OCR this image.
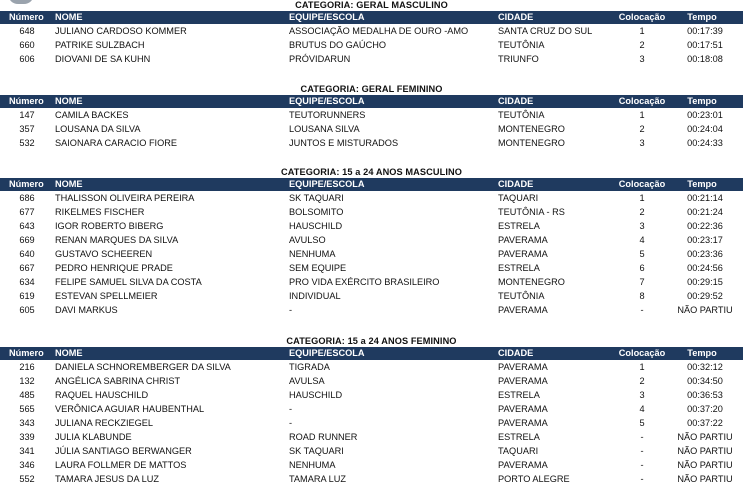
CATEGORIA: GERAL MASCULINO
Número	NOME	EQUIPE/ESCOLA	CIDADE	Colocação	Tempo
648	JULIANO CARDOSO KOMMER	ASSOCIAÇÃO MEDALHA DE OURO -AMO	SANTA CRUZ DO SUL	1	00:17:39
660	PATRIKE SULZBACH	BRUTUS DO GAÚCHO	TEUTÔNIA	2	00:17:51
606	DIOVANI DE SA KUHN	PRÓVIDARUN	TRIUNFO	3	00:18:08
CATEGORIA: GERAL FEMININO
Número	NOME	EQUIPE/ESCOLA	CIDADE	Colocação	Tempo
147	CAMILA BACKES	TEUTORUNNERS	TEUTÔNIA	1	00:23:01
357	LOUSANA DA SILVA	LOUSANA SILVA	MONTENEGRO	2	00:24:04
532	SAIONARA CARACIO FIORE	JUNTOS E MISTURADOS	MONTENEGRO	3	00:24:33
CATEGORIA: 15 a 24 ANOS MASCULINO
Número	NOME	EQUIPE/ESCOLA	CIDADE	Colocação	Tempo
686	THALISSON OLIVEIRA PEREIRA	SK TAQUARI	TAQUARI	1	00:21:14
677	RIKELMES FISCHER	BOLSOMITO	TEUTÔNIA - RS	2	00:21:24
643	IGOR ROBERTO BIBERG	HAUSCHILD	ESTRELA	3	00:22:36
669	RENAN MARQUES DA SILVA	AVULSO	PAVERAMA	4	00:23:17
640	GUSTAVO SCHEEREN	NENHUMA	PAVERAMA	5	00:23:36
667	PEDRO HENRIQUE PRADE	SEM EQUIPE	ESTRELA	6	00:24:56
634	FELIPE SAMUEL SILVA DA COSTA	PRO VIDA EXÉRCITO BRASILEIRO	MONTENEGRO	7	00:29:15
619	ESTEVAN SPELLMEIER	INDIVIDUAL	TEUTÔNIA	8	00:29:52
605	DAVI MARKUS	-	PAVERAMA	-	NÃO PARTIU
CATEGORIA: 15 a 24 ANOS FEMININO
Número	NOME	EQUIPE/ESCOLA	CIDADE	Colocação	Tempo
216	DANIELA SCHNOREMBERGER DA SILVA	TIGRADA	PAVERAMA	1	00:32:12
132	ANGÉLICA SABRINA CHRIST	AVULSA	PAVERAMA	2	00:34:50
485	RAQUEL HAUSCHILD	HAUSCHILD	ESTRELA	3	00:36:53
565	VERÔNICA AGUIAR HAUBENTHAL	-	PAVERAMA	4	00:37:20
343	JULIANA RECKZIEGEL	-	PAVERAMA	5	00:37:22
339	JULIA KLABUNDE	ROAD RUNNER	ESTRELA	-	NÃO PARTIU
341	JÚLIA SANTIAGO BERWANGER	SK TAQUARI	TAQUARI	-	NÃO PARTIU
346	LAURA FOLLMER DE MATTOS	NENHUMA	PAVERAMA	-	NÃO PARTIU
552	TAMARA JESUS DA LUZ	TAMARA LUZ	PORTO ALEGRE	-	NÃO PARTIU
